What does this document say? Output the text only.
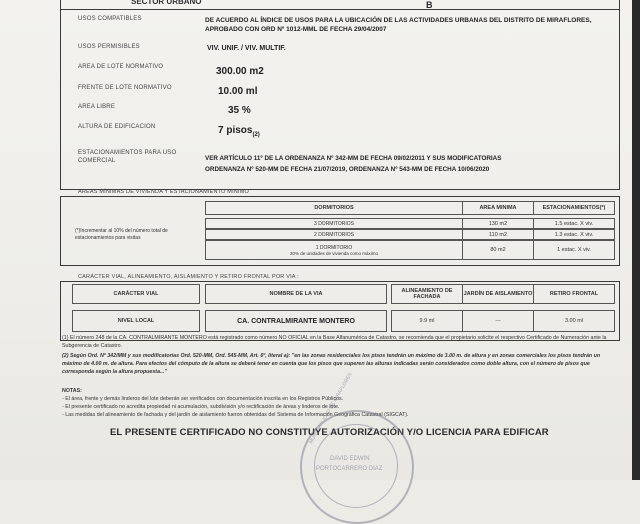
SECTOR URBANO	B
USOS COMPATIBLES	DE ACUERDO AL ÍNDICE DE USOS PARA LA UBICACIÓN DE LAS ACTIVIDADES URBANAS DEL DISTRITO DE MIRAFLORES, APROBADO CON ORD Nº 1012-MML DE FECHA 29/04/2007
USOS PERMISIBLES	VIV. UNIF. / VIV. MULTIF.
AREA DE LOTE NORMATIVO	300.00 m2
FRENTE DE LOTE NORMATIVO	10.00 ml
AREA LIBRE	35 %
ALTURA DE EDIFICACION	7 pisos$_{(2)}$
ESTACIONAMIENTOS PARA USO COMERCIAL	VER ARTÍCULO 11º DE LA ORDENANZA Nº 342-MM DE FECHA 09/02/2011 Y SUS MODIFICATORIAS
ORDENANZA Nº 520-MM DE FECHA 21/07/2019, ORDENANZA Nº 543-MM DE FECHA 10/06/2020
AREAS MÍNIMAS DE VIVIENDA Y ESTACIONAMIENTO MINIMO
(*)Incrementar al 10% del número total de estacionamientos para visitas
DORMITORIOS	AREA MINIMA	ESTACIONAMIENTOS(*)
3 DORMITORIOS	130 m2	1.5 estac. X viv.
2 DORMITORIOS	110 m2	1.3 estac. X viv.
1 DORMITORIO
30% de unidades de vivienda como máximo	80 m2	1 estac. X viv.
CARÁCTER VIAL, ALINEAMIENTO, AISLAMIENTO Y RETIRO FRONTAL POR VIA :
CARÁCTER VIAL	NOMBRE DE LA VIA	ALINEAMIENTO DE FACHADA	JARDÍN DE AISLAMIENTO	RETIRO FRONTAL
NIVEL LOCAL	CA. CONTRALMIRANTE MONTERO	9.9 ml	---	3.00 ml
(1) El número 248 de la CA. CONTRALMIRANTE MONTERO está registrado como número NO OFICIAL en la Base Alfanumérica de Catastro, se recomienda que el propietario solicite el respectivo Certificado de Numeración ante la Subgerencia de Catastro.
(2) Según Ord. Nº 342/MM y sus modificatorias Ord. 520-MM, Ord. 545-MM, Art. 6º, literal a): "en las zonas residenciales los pisos tendrán un máximo de 3.00 m. de altura y en zonas comerciales los pisos tendrán un máximo de 4.00 m. de altura. Para efectos del cómputo de la altura se deberá tener en cuenta que los pisos que superen las alturas indicadas serán considerados como doble altura, con el número de pisos que corresponda según la altura propuesta..."
NOTAS:
- El área, frente y demás linderos del lote deberán ser verificados con documentación inscrita en los Registros Públicos.
- El presente certificado no acredita propiedad ni acumulación, subdivisión y/o rectificación de áreas y linderos de lote.
- Las medidas del alineamiento de fachada y del jardín de aislamiento fueron obtenidas del Sistema de Información Geográfica Catastral (SIGCAT).
EL PRESENTE CERTIFICADO NO CONSTITUYE AUTORIZACIÓN Y/O LICENCIA PARA EDIFICAR
MUNICIPALIDAD DE MIRAFLORES
DAVID EDWIN
PORTOCARRERO DIAZ
